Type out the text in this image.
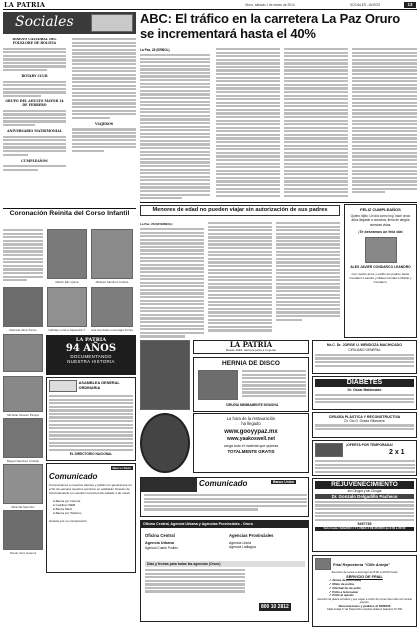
LA PATRIA	Oruro, sábado 1 de marzo de 2014	SOCIALES - AVISOS	13
Sociales
DISEÑO CATEDRAL DEL FOLKLORE DE BOLIVIA
ROTARY CLUB
GRUPO DEL ADULTO MAYOR 14 DE FEBRERO
ANIVERSARIO MATRIMONIAL
CUMPLEAÑOS
VIAJEROS
ABC: El tráfico en la carretera La Paz Oruro se incrementará hasta el 40%
La Paz, 28 (ERBOL)
Menores de edad no pueden viajar sin autorización de sus padres
La Paz, 28 (EF/ERBOL)
FELIZ CUMPLEAÑOS
Quiero hijito: Un día como hoy, hace cinco años llegaste a nosotros, llena de alegría nuestras vidas.
¡Te deseamos un feliz día!
ALEX JAVIER CONDARCO LEANDRO
Con mucho amor y cariño tus padres Javier Condarco Leandro y Mabel Condarco Murillo y Condarco.
Coronación Reinita del Corso Infantil
Martín Eliz Quina	Melissa Sánchez Andrés
Marcela Vaca Torres	Nathaly Lorena Saavedra T.	Ana Gonzales Luzuriaga Torres
LA PATRIA
94 AÑOS
DOCUMENTANDO
NUESTRA HISTORIA
Michelle Álvarez Pinaya
Miguel Sánchez Cristian
Miranda Sánchez
Nicole Vera Huanca
ASAMBLEA GENERAL ORDINARIA
EL DIRECTORIO NACIONAL
Banco Unión
Comunicado
Comunicamos a nuestros clientes y público en general que en el fin de semana nuestros servicios se realizarán horarios de funcionamiento en cuestión normal el día sábado 1 de marzo.
● Banca por Internet
● Cedifinet WEB
● Banca Móvil
● Banca por Teléfono
Gracias por su comprensión.
LA PATRIA
Desde 1919, siempre junto a tu gente
HERNIA DE DISCO
CIRUGÍA MÍNIMAMENTE INVASIVA
La hora de la restauración
ha llegado
www.gooyypaz.mx
www.yaakoswell.net
carga todo el material que quieras
TOTALMENTE GRATIS
Comunicado	Banco Unión
Oficina Central, Agencia Urbana y Agencias Provinciales - Oruro
Oficina Central
Agencia Urbana
Agencia Cuarto Pudido
Agencias Provinciales
Agencia Uncía
Agencia Llallagua
Días y fechas para todas las agencias (Oruro)
800 10 2812
Mr.C. Dr. JORGE U. MENDOZA MACHICADO
CIRUJANO GENERAL
DIABETES
Dr. Oscar Maldonado
CIRUGÍA PLÁSTICA Y RECONSTRUCTIVA
Dr. Oto G. Gracia Villanueva
¡OFERTA POR TEMPORADA!
2 x 1
REJUVENECIMIENTO
sin Cirugía y sin Cirugía
Dr. Gonzalo Delgadillo Pacheco
5497739
Solo hasta: SÁBADO 1 Y LUNES 3 DE MARZO de 9:00 a 20:00
Frial Repostería "CMe Antoja"
Atención de lunes a domingo de 8:00 a 20:00 horas
SERVICIO DE FRIAL
✓ Almas de pollo BBQ
✓ Mixto de pollos
✓ Chicharrón de pollo
✓ Pollo a la broaster
✓ Pollo al spiedo
Atención de platos servidos y que vayan a cubrir de comer bien todo sin horario preciso.
Reservaciones y pedidos al 5283206
Calle Antoja 1º de Noviembre esquina Velasco Galvarro Nº 690
